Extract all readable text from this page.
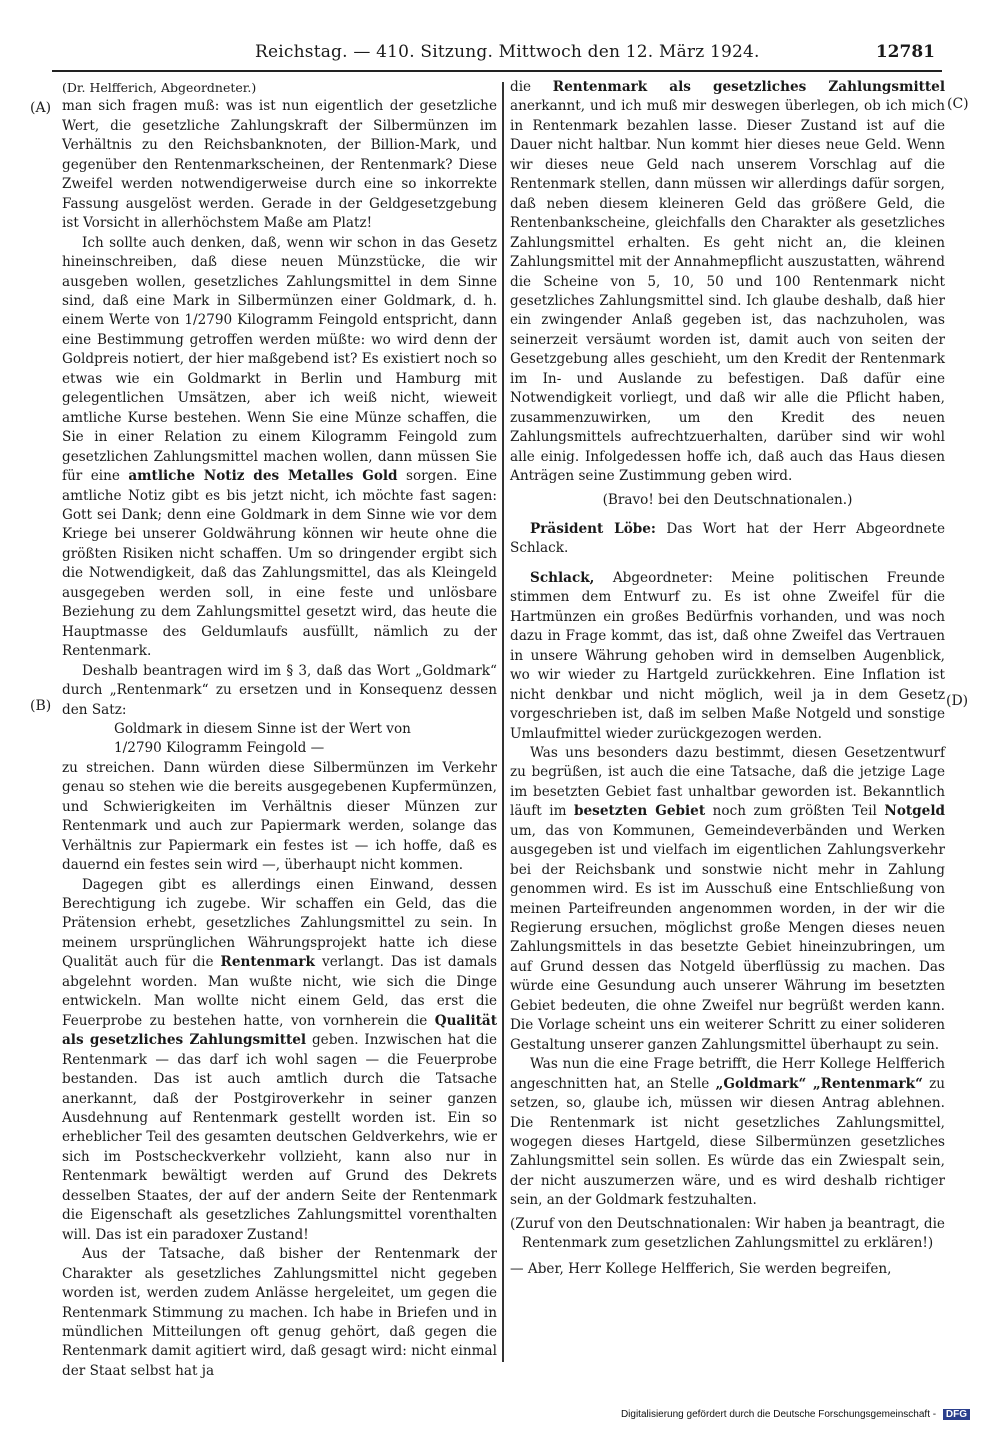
Reichstag. — 410. Sitzung. Mittwoch den 12. März 1924.	12781
(A)
(B)
(C)
(D)

(Dr. Helfferich, Abgeordneter.)

man sich fragen muß: was ist nun eigentlich der gesetzliche Wert, die gesetzliche Zahlungskraft der Silbermünzen im Verhältnis zu den Reichsbanknoten, der Billion-Mark, und gegenüber den Rentenmarkscheinen, der Rentenmark? Diese Zweifel werden notwendigerweise durch eine so inkorrekte Fassung ausgelöst werden. Gerade in der Geldgesetzgebung ist Vorsicht in allerhöchstem Maße am Platz!

Ich sollte auch denken, daß, wenn wir schon in das Gesetz hineinschreiben, daß diese neuen Münzstücke, die wir ausgeben wollen, gesetzliches Zahlungsmittel in dem Sinne sind, daß eine Mark in Silbermünzen einer Goldmark, d. h. einem Werte von 1/2790 Kilogramm Feingold entspricht, dann eine Bestimmung getroffen werden müßte: wo wird denn der Goldpreis notiert, der hier maßgebend ist? Es existiert noch so etwas wie ein Goldmarkt in Berlin und Hamburg mit gelegentlichen Umsätzen, aber ich weiß nicht, wieweit amtliche Kurse bestehen. Wenn Sie eine Münze schaffen, die Sie in einer Relation zu einem Kilogramm Feingold zum gesetzlichen Zahlungsmittel machen wollen, dann müssen Sie für eine amtliche Notiz des Metalles Gold sorgen. Eine amtliche Notiz gibt es bis jetzt nicht, ich möchte fast sagen: Gott sei Dank; denn eine Goldmark in dem Sinne wie vor dem Kriege bei unserer Goldwährung können wir heute ohne die größten Risiken nicht schaffen. Um so dringender ergibt sich die Notwendigkeit, daß das Zahlungsmittel, das als Kleingeld ausgegeben werden soll, in eine feste und unlösbare Beziehung zu dem Zahlungsmittel gesetzt wird, das heute die Hauptmasse des Geldumlaufs ausfüllt, nämlich zu der Rentenmark.

Deshalb beantragen wird im § 3, daß das Wort „Goldmark“ durch „Rentenmark“ zu ersetzen und in Konsequenz dessen den Satz:

Goldmark in diesem Sinne ist der Wert von

1/2790 Kilogramm Feingold —

zu streichen. Dann würden diese Silbermünzen im Verkehr genau so stehen wie die bereits ausgegebenen Kupfermünzen, und Schwierigkeiten im Verhältnis dieser Münzen zur Rentenmark und auch zur Papiermark werden, solange das Verhältnis zur Papiermark ein festes ist — ich hoffe, daß es dauernd ein festes sein wird —, überhaupt nicht kommen.

Dagegen gibt es allerdings einen Einwand, dessen Berechtigung ich zugebe. Wir schaffen ein Geld, das die Prätension erhebt, gesetzliches Zahlungsmittel zu sein. In meinem ursprünglichen Währungsprojekt hatte ich diese Qualität auch für die Rentenmark verlangt. Das ist damals abgelehnt worden. Man wußte nicht, wie sich die Dinge entwickeln. Man wollte nicht einem Geld, das erst die Feuerprobe zu bestehen hatte, von vornherein die Qualität als gesetzliches Zahlungsmittel geben. Inzwischen hat die Rentenmark — das darf ich wohl sagen — die Feuerprobe bestanden. Das ist auch amtlich durch die Tatsache anerkannt, daß der Postgiroverkehr in seiner ganzen Ausdehnung auf Rentenmark gestellt worden ist. Ein so erheblicher Teil des gesamten deutschen Geldverkehrs, wie er sich im Postscheckverkehr vollzieht, kann also nur in Rentenmark bewältigt werden auf Grund des Dekrets desselben Staates, der auf der andern Seite der Rentenmark die Eigenschaft als gesetzliches Zahlungsmittel vorenthalten will. Das ist ein paradoxer Zustand!

Aus der Tatsache, daß bisher der Rentenmark der Charakter als gesetzliches Zahlungsmittel nicht gegeben worden ist, werden zudem Anlässe hergeleitet, um gegen die Rentenmark Stimmung zu machen. Ich habe in Briefen und in mündlichen Mitteilungen oft genug gehört, daß gegen die Rentenmark damit agitiert wird, daß gesagt wird: nicht einmal der Staat selbst hat ja

die Rentenmark als gesetzliches Zahlungsmittel anerkannt, und ich muß mir deswegen überlegen, ob ich mich in Rentenmark bezahlen lasse. Dieser Zustand ist auf die Dauer nicht haltbar. Nun kommt hier dieses neue Geld. Wenn wir dieses neue Geld nach unserem Vorschlag auf die Rentenmark stellen, dann müssen wir allerdings dafür sorgen, daß neben diesem kleineren Geld das größere Geld, die Rentenbankscheine, gleichfalls den Charakter als gesetzliches Zahlungsmittel erhalten. Es geht nicht an, die kleinen Zahlungsmittel mit der Annahmepflicht auszustatten, während die Scheine von 5, 10, 50 und 100 Rentenmark nicht gesetzliches Zahlungsmittel sind. Ich glaube deshalb, daß hier ein zwingender Anlaß gegeben ist, das nachzuholen, was seinerzeit versäumt worden ist, damit auch von seiten der Gesetzgebung alles geschieht, um den Kredit der Rentenmark im In- und Auslande zu befestigen. Daß dafür eine Notwendigkeit vorliegt, und daß wir alle die Pflicht haben, zusammenzuwirken, um den Kredit des neuen Zahlungsmittels aufrechtzuerhalten, darüber sind wir wohl alle einig. Infolgedessen hoffe ich, daß auch das Haus diesen Anträgen seine Zustimmung geben wird.

(Bravo! bei den Deutschnationalen.)

Präsident Löbe: Das Wort hat der Herr Abgeordnete Schlack.

Schlack, Abgeordneter: Meine politischen Freunde stimmen dem Entwurf zu. Es ist ohne Zweifel für die Hartmünzen ein großes Bedürfnis vorhanden, und was noch dazu in Frage kommt, das ist, daß ohne Zweifel das Vertrauen in unsere Währung gehoben wird in demselben Augenblick, wo wir wieder zu Hartgeld zurückkehren. Eine Inflation ist nicht denkbar und nicht möglich, weil ja in dem Gesetz vorgeschrieben ist, daß im selben Maße Notgeld und sonstige Umlaufmittel wieder zurückgezogen werden.

Was uns besonders dazu bestimmt, diesen Gesetzentwurf zu begrüßen, ist auch die eine Tatsache, daß die jetzige Lage im besetzten Gebiet fast unhaltbar geworden ist. Bekanntlich läuft im besetzten Gebiet noch zum größten Teil Notgeld um, das von Kommunen, Gemeindeverbänden und Werken ausgegeben ist und vielfach im eigentlichen Zahlungsverkehr bei der Reichsbank und sonstwie nicht mehr in Zahlung genommen wird. Es ist im Ausschuß eine Entschließung von meinen Parteifreunden angenommen worden, in der wir die Regierung ersuchen, möglichst große Mengen dieses neuen Zahlungsmittels in das besetzte Gebiet hineinzubringen, um auf Grund dessen das Notgeld überflüssig zu machen. Das würde eine Gesundung auch unserer Währung im besetzten Gebiet bedeuten, die ohne Zweifel nur begrüßt werden kann. Die Vorlage scheint uns ein weiterer Schritt zu einer solideren Gestaltung unserer ganzen Zahlungsmittel überhaupt zu sein.

Was nun die eine Frage betrifft, die Herr Kollege Helfferich angeschnitten hat, an Stelle „Goldmark“ „Rentenmark“ zu setzen, so, glaube ich, müssen wir diesen Antrag ablehnen. Die Rentenmark ist nicht gesetzliches Zahlungsmittel, wogegen dieses Hartgeld, diese Silbermünzen gesetzliches Zahlungsmittel sein sollen. Es würde das ein Zwiespalt sein, der nicht auszumerzen wäre, und es wird deshalb richtiger sein, an der Goldmark festzuhalten.

(Zuruf von den Deutschnationalen: Wir haben ja beantragt, die Rentenmark zum gesetzlichen Zahlungsmittel zu erklären!)

— Aber, Herr Kollege Helfferich, Sie werden begreifen,

Digitalisierung gefördert durch die Deutsche Forschungsgemeinschaft - DFG
